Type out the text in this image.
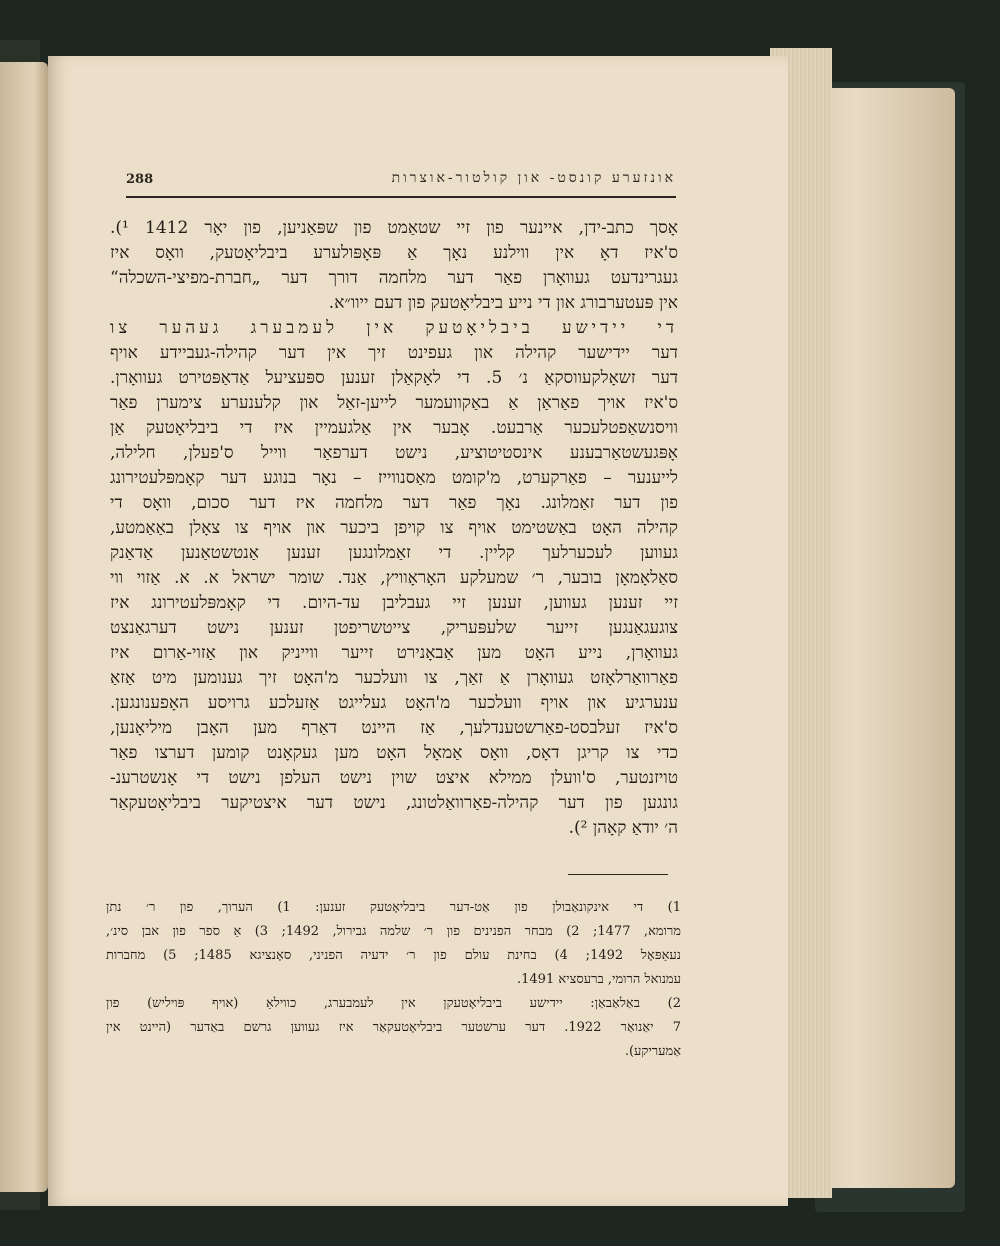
288	אונזערע קונסט- און קולטור-אוצרות
אָסך כתב-ידן, איינער פון זיי שטאַמט פון שפּאַניען, פון יאָר 1412 ¹).
ס'איז דאָ אין ווילנע נאָך אַ פּאָפּולערע ביבליאָטעק, וואָס איז
געגרינדעט געוואָרן פאַר דער מלחמה דורך דער „חברת-מפיצי-השכלה“
אין פּעטערבורג און די נייע ביבליאָטעק פון דעם ייוו״א.
די יידישע ביבליאָטעק אין לעמבערג געהער צו
דער יידישער קהילה און געפינט זיך אין דער קהילה-געביידע אויף
דער זשאָלקעווסקאַ נ׳ 5. די לאָקאַלן זענען ספּעציעל אַדאַפּטירט געוואָרן.
ס'איז אויך פאַראַן אַ באַקוועמער לייען-זאַל און קלענערע צימערן פאַר
וויסנשאַפטלעכער אַרבעט. אָבער אין אַלגעמיין איז די ביבליאָטעק אַן
אָפּגעשטאַרבענע אינסטיטוציע, נישט דערפאַר ווייל ס'פעלן, חלילה,
לייענער – פאַרקערט, מ'קומט מאַסנווייז – נאָר בנוגע דער קאָמפּלעטירונג
פון דער זאַמלונג. נאָך פאַר דער מלחמה איז דער סכום, וואָס די
קהילה האָט באַשטימט אויף צו קויפן ביכער און אויף צו צאָלן באַאַמטע,
געווען לעכערלעך קליין. די זאַמלונגען זענען אַנטשטאַנען אַדאַנק
סאַלאָמאָן בובער, ר׳ שמעלקע האָראָוויץ, אַנד. שומר ישראל א. א. אַזוי ווי
זיי זענען געווען, זענען זיי געבליבן עד-היום. די קאָמפּלעטירונג איז
צוגעגאַנגען זייער שלעפּעריק, צייטשריפטן זענען נישט דערגאַנצט
געוואָרן, נייע האָט מען אַבאָנירט זייער ווייניק און אַזוי-אַרום איז
פאַרוואַרלאָזט געוואָרן אַ זאַך, צו וועלכער מ'האָט זיך גענומען מיט אַזאַ
ענערגיע און אויף וועלכער מ'האָט געלייגט אַזעלכע גרויסע האָפענונגען.
ס'איז זעלבסט-פאַרשטענדלעך, אַז היינט דאַרף מען האָבן מיליאָנען,
כדי צו קריגן דאָס, וואָס אַמאָל האָט מען געקאָנט קומען דערצו פאַר
טויזנטער, ס'וועלן ממילא איצט שוין נישט העלפן נישט די אָנשטרענ-
גונגען פון דער קהילה-פאַרוואַלטונג, נישט דער איצטיקער ביבליאָטעקאַר
ה׳ יודאַ קאָהן ²).
1) די אינקונאַבולן פון אַט-דער ביבליאָטעק זענען: 1) הערוך, פון ר׳ נתן
מרומא, 1477; 2) מבחר הפנינים פון ר׳ שלמה גבירול, 1492; 3) אַ ספר פון אבן סינ׳,
נעאַפּאָל 1492; 4) בחינת עולם פון ר׳ ידעיה הפניני, סאָנציגא 1485; 5) מחברות
עמנואל הרומי, ברעסציא 1491.
2) באַלאַבאַן: יידישע ביבליאָטעקן אין לעמבערג, כווילאַ (אויף פּויליש) פון
7 יאַנואַר 1922. דער ערשטער ביבליאָטעקאַר איז געווען גרשם באַדער (היינט אין
אַמעריקע).
